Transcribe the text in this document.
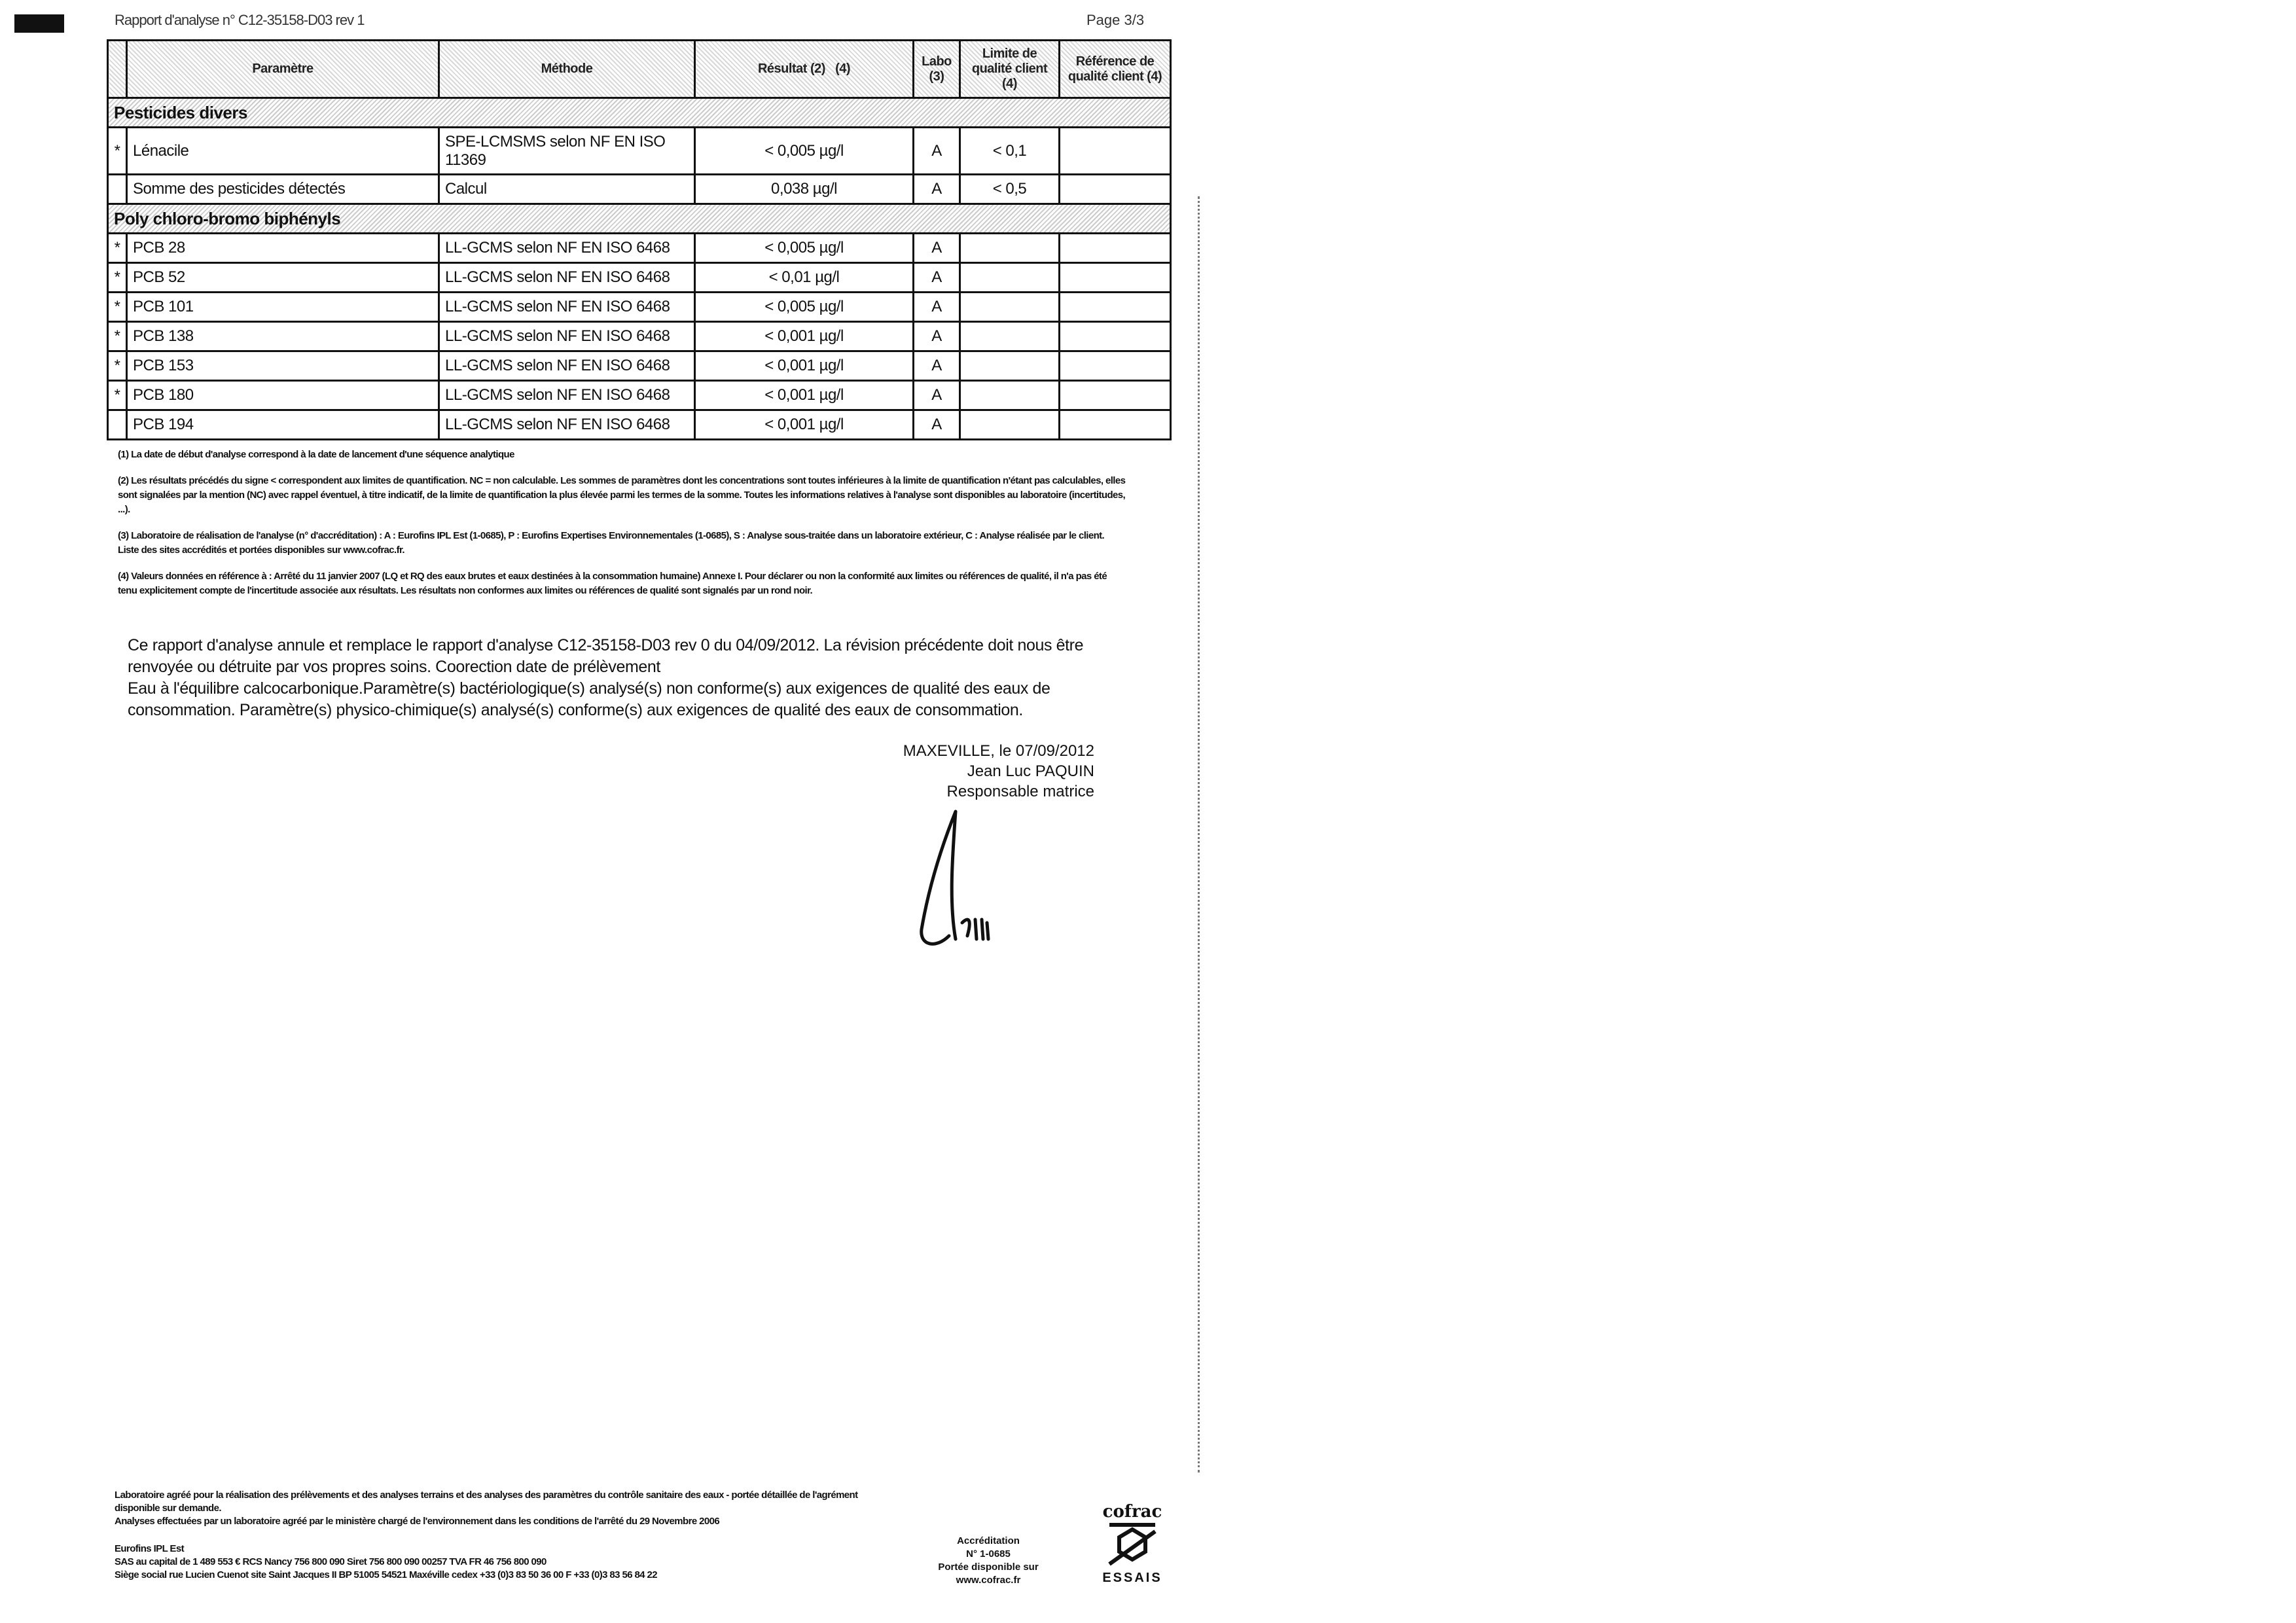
Rapport d'analyse n° C12-35158-D03 rev 1	Page 3/3
	Paramètre	Méthode	Résultat (2) (4)	Labo (3)	Limite de qualité client (4)	Référence de qualité client (4)
Pesticides divers						
*	Lénacile	SPE-LCMSMS selon NF EN ISO 11369	< 0,005 µg/l	A	< 0,1	
	Somme des pesticides détectés	Calcul	0,038 µg/l	A	< 0,5	
Poly chloro-bromo biphényls						
*	PCB 28	LL-GCMS selon NF EN ISO 6468	< 0,005 µg/l	A		
*	PCB 52	LL-GCMS selon NF EN ISO 6468	< 0,01 µg/l	A		
*	PCB 101	LL-GCMS selon NF EN ISO 6468	< 0,005 µg/l	A		
*	PCB 138	LL-GCMS selon NF EN ISO 6468	< 0,001 µg/l	A		
*	PCB 153	LL-GCMS selon NF EN ISO 6468	< 0,001 µg/l	A		
*	PCB 180	LL-GCMS selon NF EN ISO 6468	< 0,001 µg/l	A		
	PCB 194	LL-GCMS selon NF EN ISO 6468	< 0,001 µg/l	A		

(1) La date de début d'analyse correspond à la date de lancement d'une séquence analytique

(2) Les résultats précédés du signe < correspondent aux limites de quantification. NC = non calculable. Les sommes de paramètres dont les concentrations sont toutes inférieures à la limite de quantification n'étant pas calculables, elles sont signalées par la mention (NC) avec rappel éventuel, à titre indicatif, de la limite de quantification la plus élevée parmi les termes de la somme. Toutes les informations relatives à l'analyse sont disponibles au laboratoire (incertitudes, ...).

(3) Laboratoire de réalisation de l'analyse (n° d'accréditation) : A : Eurofins IPL Est (1-0685), P : Eurofins Expertises Environnementales (1-0685), S : Analyse sous-traitée dans un laboratoire extérieur, C : Analyse réalisée par le client. Liste des sites accrédités et portées disponibles sur www.cofrac.fr.

(4) Valeurs données en référence à : Arrêté du 11 janvier 2007 (LQ et RQ des eaux brutes et eaux destinées à la consommation humaine) Annexe I. Pour déclarer ou non la conformité aux limites ou références de qualité, il n'a pas été tenu explicitement compte de l'incertitude associée aux résultats. Les résultats non conformes aux limites ou références de qualité sont signalés par un rond noir.

Ce rapport d'analyse annule et remplace le rapport d'analyse C12-35158-D03 rev 0 du 04/09/2012. La révision précédente doit nous être renvoyée ou détruite par vos propres soins. Coorection date de prélèvement

Eau à l'équilibre calcocarbonique.Paramètre(s) bactériologique(s) analysé(s) non conforme(s) aux exigences de qualité des eaux de consommation. Paramètre(s) physico-chimique(s) analysé(s) conforme(s) aux exigences de qualité des eaux de consommation.

MAXEVILLE, le 07/09/2012
Jean Luc PAQUIN
Responsable matrice

Laboratoire agréé pour la réalisation des prélèvements et des analyses terrains et des analyses des paramètres du contrôle sanitaire des eaux - portée détaillée de l'agrément disponible sur demande.

Analyses effectuées par un laboratoire agréé par le ministère chargé de l'environnement dans les conditions de l'arrêté du 29 Novembre 2006

Eurofins IPL Est

SAS au capital de 1 489 553 € RCS Nancy 756 800 090 Siret 756 800 090 00257 TVA FR 46 756 800 090

Siège social rue Lucien Cuenot site Saint Jacques II BP 51005 54521 Maxéville cedex +33 (0)3 83 50 36 00 F +33 (0)3 83 56 84 22

Accréditation
N° 1-0685
Portée disponible sur
www.cofrac.fr
cofrac
ESSAIS
